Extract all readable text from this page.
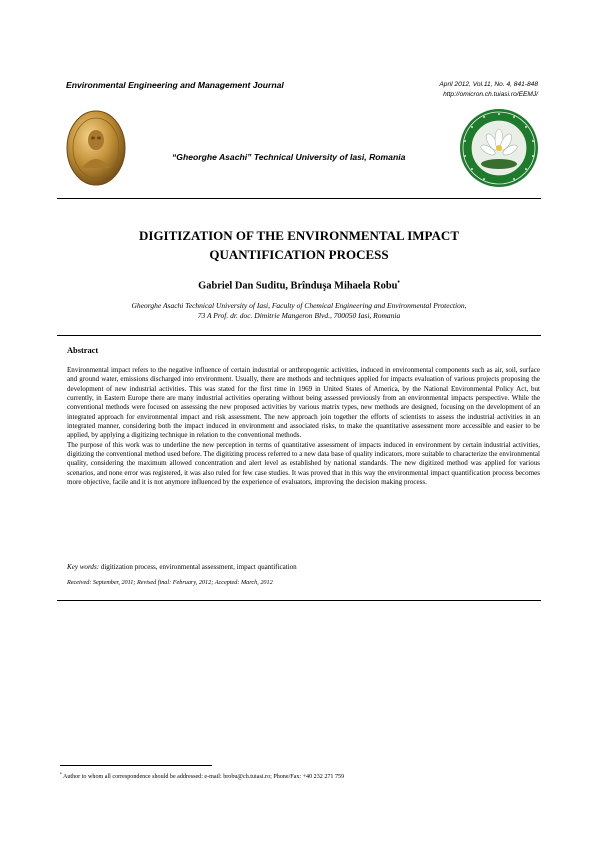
Environmental Engineering and Management Journal	April 2012, Vol.11, No. 4, 841-848
http://omicron.ch.tuiasi.ro/EEMJ/
“Gheorghe Asachi” Technical University of Iasi, Romania
DIGITIZATION OF THE ENVIRONMENTAL IMPACT
QUANTIFICATION PROCESS
Gabriel Dan Suditu, Brînduşa Mihaela Robu•
Gheorghe Asachi Technical University of Iasi, Faculty of Chemical Engineering and Environmental Protection,
73 A Prof. dr. doc. Dimitrie Mangeron Blvd., 700050 Iasi, Romania
Abstract

Environmental impact refers to the negative influence of certain industrial or anthropogenic activities, induced in environmental components such as air, soil, surface and ground water, emissions discharged into environment. Usually, there are methods and techniques applied for impacts evaluation of various projects proposing the development of new industrial activities. This was stated for the first time in 1969 in United States of America, by the National Environmental Policy Act, but currently, in Eastern Europe there are many industrial activities operating without being assessed previously from an environmental impacts perspective. While the conventional methods were focused on assessing the new proposed activities by various matrix types, new methods are designed, focusing on the development of an integrated approach for environmental impact and risk assessment. The new approach join together the efforts of scientists to assess the industrial activities in an integrated manner, considering both the impact induced in environment and associated risks, to make the quantitative assessment more accessible and easier to be applied, by applying a digitizing technique in relation to the conventional methods.

The purpose of this work was to underline the new perception in terms of quantitative assessment of impacts induced in environment by certain industrial activities, digitizing the conventional method used before. The digitizing process referred to a new data base of quality indicators, more suitable to characterize the environmental quality, considering the maximum allowed concentration and alert level as established by national standards. The new digitized method was applied for various scenarios, and none error was registered, it was also ruled for few case studies. It was proved that in this way the environmental impact quantification process becomes more objective, facile and it is not anymore influenced by the experience of evaluators, improving the decision making process.

Key words: digitization process, environmental assessment, impact quantification
Received: September, 2011; Revised final: February, 2012; Accepted: March, 2012
• Author to whom all correspondence should be addressed: e-mail: brobu@ch.tuiasi.ro; Phone/Fax: +40 232 271 759
